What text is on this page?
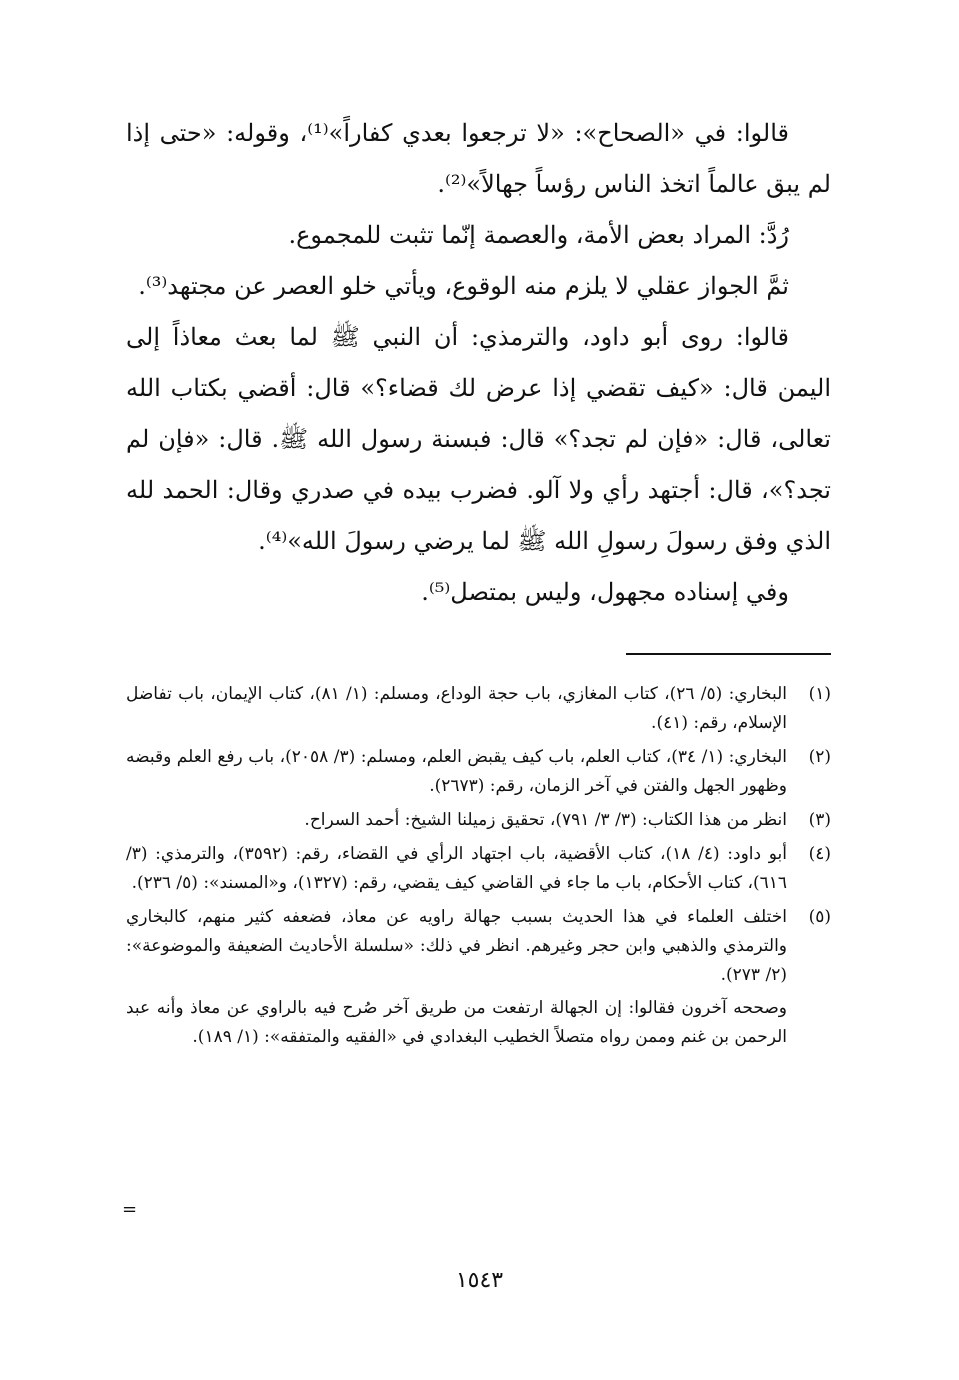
قالوا: في «الصحاح»: «لا ترجعوا بعدي كفاراً»⁽¹⁾، وقوله: «حتى إذا لم يبق عالماً اتخذ الناس رؤساً جهالاً»⁽²⁾.

رُدَّ: المراد بعض الأمة، والعصمة إنّما تثبت للمجموع.

ثمَّ الجواز عقلي لا يلزم منه الوقوع، ويأتي خلو العصر عن مجتهد⁽³⁾.

قالوا: روى أبو داود، والترمذي: أن النبي ﷺ لما بعث معاذاً إلى اليمن قال: «كيف تقضي إذا عرض لك قضاء؟» قال: أقضي بكتاب الله تعالى، قال: «فإن لم تجد؟» قال: فبسنة رسول الله ﷺ. قال: «فإن لم تجد؟»، قال: أجتهد رأي ولا آلو. فضرب بيده في صدري وقال: الحمد لله الذي وفق رسولَ رسولِ الله ﷺ لما يرضي رسولَ الله»⁽⁴⁾.

وفي إسناده مجهول، وليس بمتصل⁽⁵⁾.

(١)

البخاري: (٥/ ٢٦)، كتاب المغازي، باب حجة الوداع، ومسلم: (١/ ٨١)، كتاب الإيمان، باب تفاضل الإسلام، رقم: (٤١).

(٢)

البخاري: (١/ ٣٤)، كتاب العلم، باب كيف يقبض العلم، ومسلم: (٣/ ٢٠٥٨)، باب رفع العلم وقبضه وظهور الجهل والفتن في آخر الزمان، رقم: (٢٦٧٣).

(٣)

انظر من هذا الكتاب: (٣/ ٣/ ٧٩١)، تحقيق زميلنا الشيخ: أحمد السراح.

(٤)

أبو داود: (٤/ ١٨)، كتاب الأقضية، باب اجتهاد الرأي في القضاء، رقم: (٣٥٩٢)، والترمذي: (٣/ ٦١٦)، كتاب الأحكام، باب ما جاء في القاضي كيف يقضي، رقم: (١٣٢٧)، و«المسند»: (٥/ ٢٣٦).

(٥)

اختلف العلماء في هذا الحديث بسبب جهالة راويه عن معاذ، فضعفه كثير منهم، كالبخاري والترمذي والذهبي وابن حجر وغيرهم. انظر في ذلك: «سلسلة الأحاديث الضعيفة والموضوعة»: (٢/ ٢٧٣).

وصححه آخرون فقالوا: إن الجهالة ارتفعت من طريق آخر صُرح فيه بالراوي عن معاذ وأنه عبد الرحمن بن غنم وممن رواه متصلاً الخطيب البغدادي في «الفقيه والمتفقه»: (١/ ١٨٩).

=
١٥٤٣
